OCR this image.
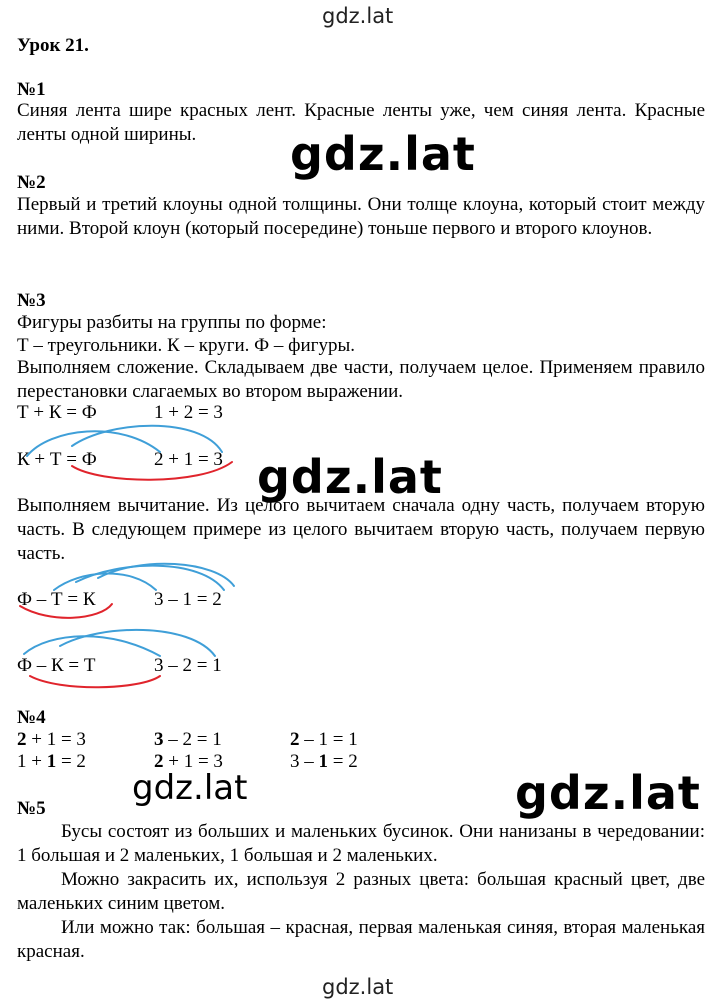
gdz.lat
gdz.lat
Урок 21.
№1
Синяя лента шире красных лент. Красные ленты уже, чем синяя лента. Красные ленты одной ширины.
№2
Первый и третий клоуны одной толщины. Они толще клоуна, который стоит между ними. Второй клоун (который посередине) тоньше первого и второго клоунов.
№3
Фигуры разбиты на группы по форме:
Т – треугольники. К – круги. Ф – фигуры.
Выполняем сложение. Складываем две части, получаем целое. Применяем правило перестановки слагаемых во втором выражении.
Т + К = Ф	1 + 2 = 3
К + Т = Ф	2 + 1 = 3
Выполняем вычитание. Из целого вычитаем сначала одну часть, получаем вторую часть. В следующем примере из целого вычитаем вторую часть, получаем первую часть.
Ф – Т = К	3 – 1 = 2
Ф – К = Т	3 – 2 = 1
№4
2 + 1 = 3	3 – 2 = 1	2 – 1 = 1
1 + 1 = 2	2 + 1 = 3	3 – 1 = 2
№5
Бусы состоят из больших и маленьких бусинок. Они нанизаны в чередовании: 1 большая и 2 маленьких, 1 большая и 2 маленьких.
Можно закрасить их, используя 2 разных цвета: большая красный цвет, две маленьких синим цветом.
Или можно так: большая – красная, первая маленькая синяя, вторая маленькая красная.
gdz.lat
gdz.lat
gdz.lat	gdz.lat
